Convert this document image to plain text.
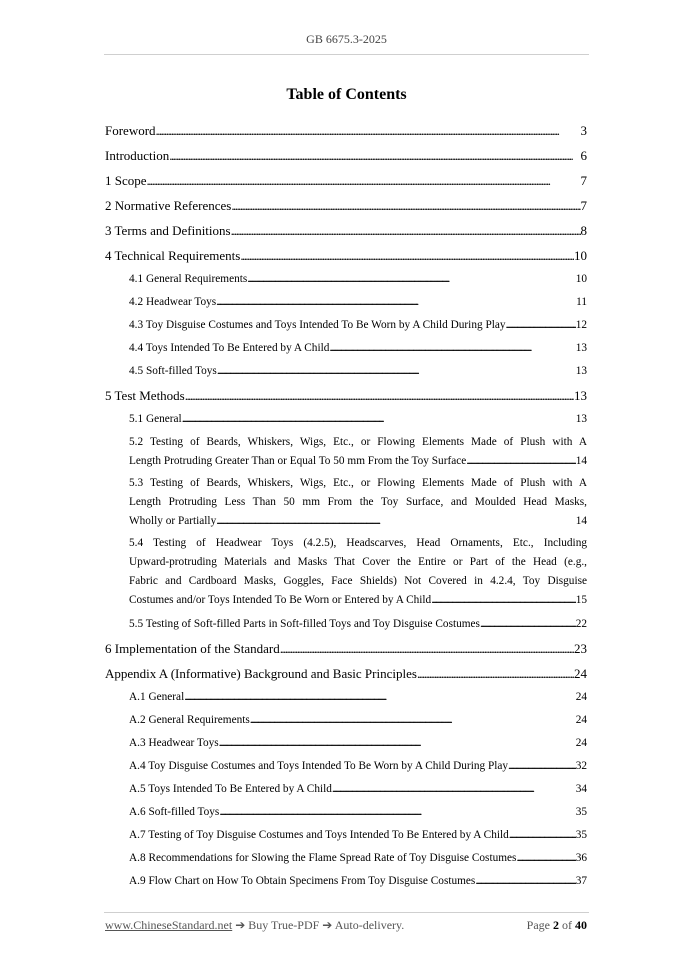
GB 6675.3-2025
Table of Contents
Foreword . . .	3
Introduction . . .	6
1 Scope . . .	7
2 Normative References . . .	7
3 Terms and Definitions . . .	8
4 Technical Requirements . . .	10
4.1 General Requirements . . .	10
4.2 Headwear Toys . . .	11
4.3 Toy Disguise Costumes and Toys Intended To Be Worn by A Child During Play . . .	12
4.4 Toys Intended To Be Entered by A Child . . .	13
4.5 Soft-filled Toys . . .	13
5 Test Methods . . .	13
5.1 General . . .	13
5.2 Testing of Beards, Whiskers, Wigs, Etc., or Flowing Elements Made of Plush with A
Length Protruding Greater Than or Equal To 50 mm From the Toy Surface . . .	14
5.3 Testing of Beards, Whiskers, Wigs, Etc., or Flowing Elements Made of Plush with A
Length Protruding Less Than 50 mm From the Toy Surface, and Moulded Head Masks,
Wholly or Partially . . .	14
5.4 Testing of Headwear Toys (4.2.5), Headscarves, Head Ornaments, Etc., Including
Upward-protruding Materials and Masks That Cover the Entire or Part of the Head (e.g.,
Fabric and Cardboard Masks, Goggles, Face Shields) Not Covered in 4.2.4, Toy Disguise
Costumes and/or Toys Intended To Be Worn or Entered by A Child . . .	15
5.5 Testing of Soft-filled Parts in Soft-filled Toys and Toy Disguise Costumes . . .	22
6 Implementation of the Standard . . .	23
Appendix A (Informative) Background and Basic Principles . . .	24
A.1 General . . .	24
A.2 General Requirements . . .	24
A.3 Headwear Toys . . .	24
A.4 Toy Disguise Costumes and Toys Intended To Be Worn by A Child During Play . . .	32
A.5 Toys Intended To Be Entered by A Child . . .	34
A.6 Soft-filled Toys . . .	35
A.7 Testing of Toy Disguise Costumes and Toys Intended To Be Entered by A Child . . .	35
A.8 Recommendations for Slowing the Flame Spread Rate of Toy Disguise Costumes . . .	36
A.9 Flow Chart on How To Obtain Specimens From Toy Disguise Costumes . . .	37
www.ChineseStandard.net ➔ Buy True-PDF ➔ Auto-delivery.	Page 2 of 40
